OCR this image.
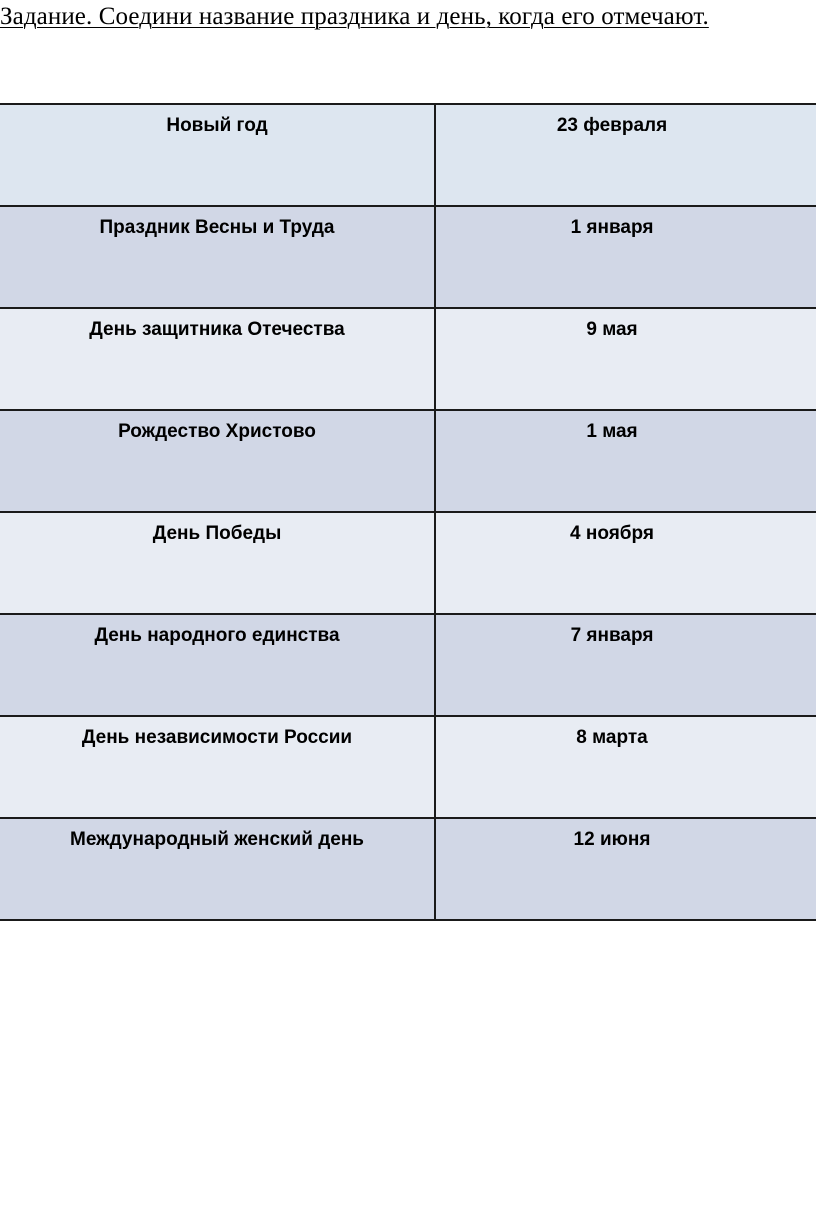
Задание. Соедини название праздника и день, когда его отмечают.
Новый год	23 февраля

Праздник Весны и Труда	1 января

День защитника Отечества	9 мая

Рождество Христово	1 мая

День Победы	4 ноября

День народного единства	7 января

День независимости России	8 марта

Международный женский день	12 июня
